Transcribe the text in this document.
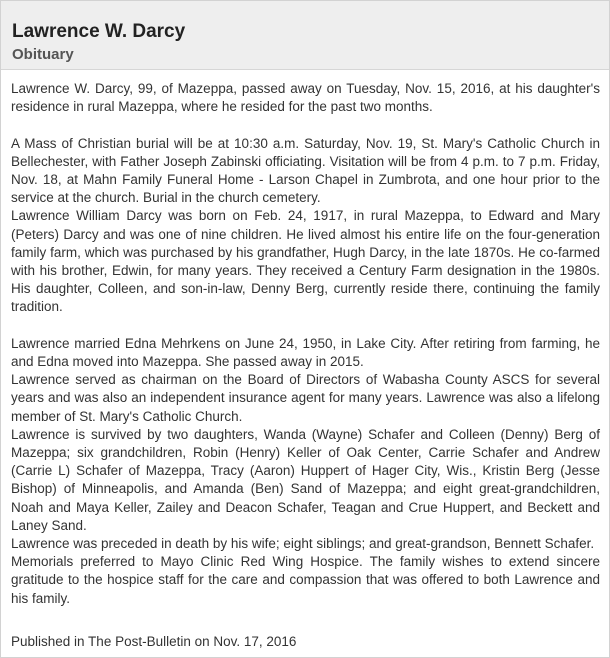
Lawrence W. Darcy
Obituary

Lawrence W. Darcy, 99, of Mazeppa, passed away on Tuesday, Nov. 15, 2016, at his daughter's residence in rural Mazeppa, where he resided for the past two months.

A Mass of Christian burial will be at 10:30 a.m. Saturday, Nov. 19, St. Mary's Catholic Church in Bellechester, with Father Joseph Zabinski officiating. Visitation will be from 4 p.m. to 7 p.m. Friday, Nov. 18, at Mahn Family Funeral Home - Larson Chapel in Zumbrota, and one hour prior to the service at the church. Burial in the church cemetery.

Lawrence William Darcy was born on Feb. 24, 1917, in rural Mazeppa, to Edward and Mary (Peters) Darcy and was one of nine children. He lived almost his entire life on the four-generation family farm, which was purchased by his grandfather, Hugh Darcy, in the late 1870s. He co-farmed with his brother, Edwin, for many years. They received a Century Farm designation in the 1980s. His daughter, Colleen, and son-in-law, Denny Berg, currently reside there, continuing the family tradition.

Lawrence married Edna Mehrkens on June 24, 1950, in Lake City. After retiring from farming, he and Edna moved into Mazeppa. She passed away in 2015.

Lawrence served as chairman on the Board of Directors of Wabasha County ASCS for several years and was also an independent insurance agent for many years. Lawrence was also a lifelong member of St. Mary's Catholic Church.

Lawrence is survived by two daughters, Wanda (Wayne) Schafer and Colleen (Denny) Berg of Mazeppa; six grandchildren, Robin (Henry) Keller of Oak Center, Carrie Schafer and Andrew (Carrie L) Schafer of Mazeppa, Tracy (Aaron) Huppert of Hager City, Wis., Kristin Berg (Jesse Bishop) of Minneapolis, and Amanda (Ben) Sand of Mazeppa; and eight great-grandchildren, Noah and Maya Keller, Zailey and Deacon Schafer, Teagan and Crue Huppert, and Beckett and Laney Sand.

Lawrence was preceded in death by his wife; eight siblings; and great-grandson, Bennett Schafer.

Memorials preferred to Mayo Clinic Red Wing Hospice. The family wishes to extend sincere gratitude to the hospice staff for the care and compassion that was offered to both Lawrence and his family.

Published in The Post-Bulletin on Nov. 17, 2016
